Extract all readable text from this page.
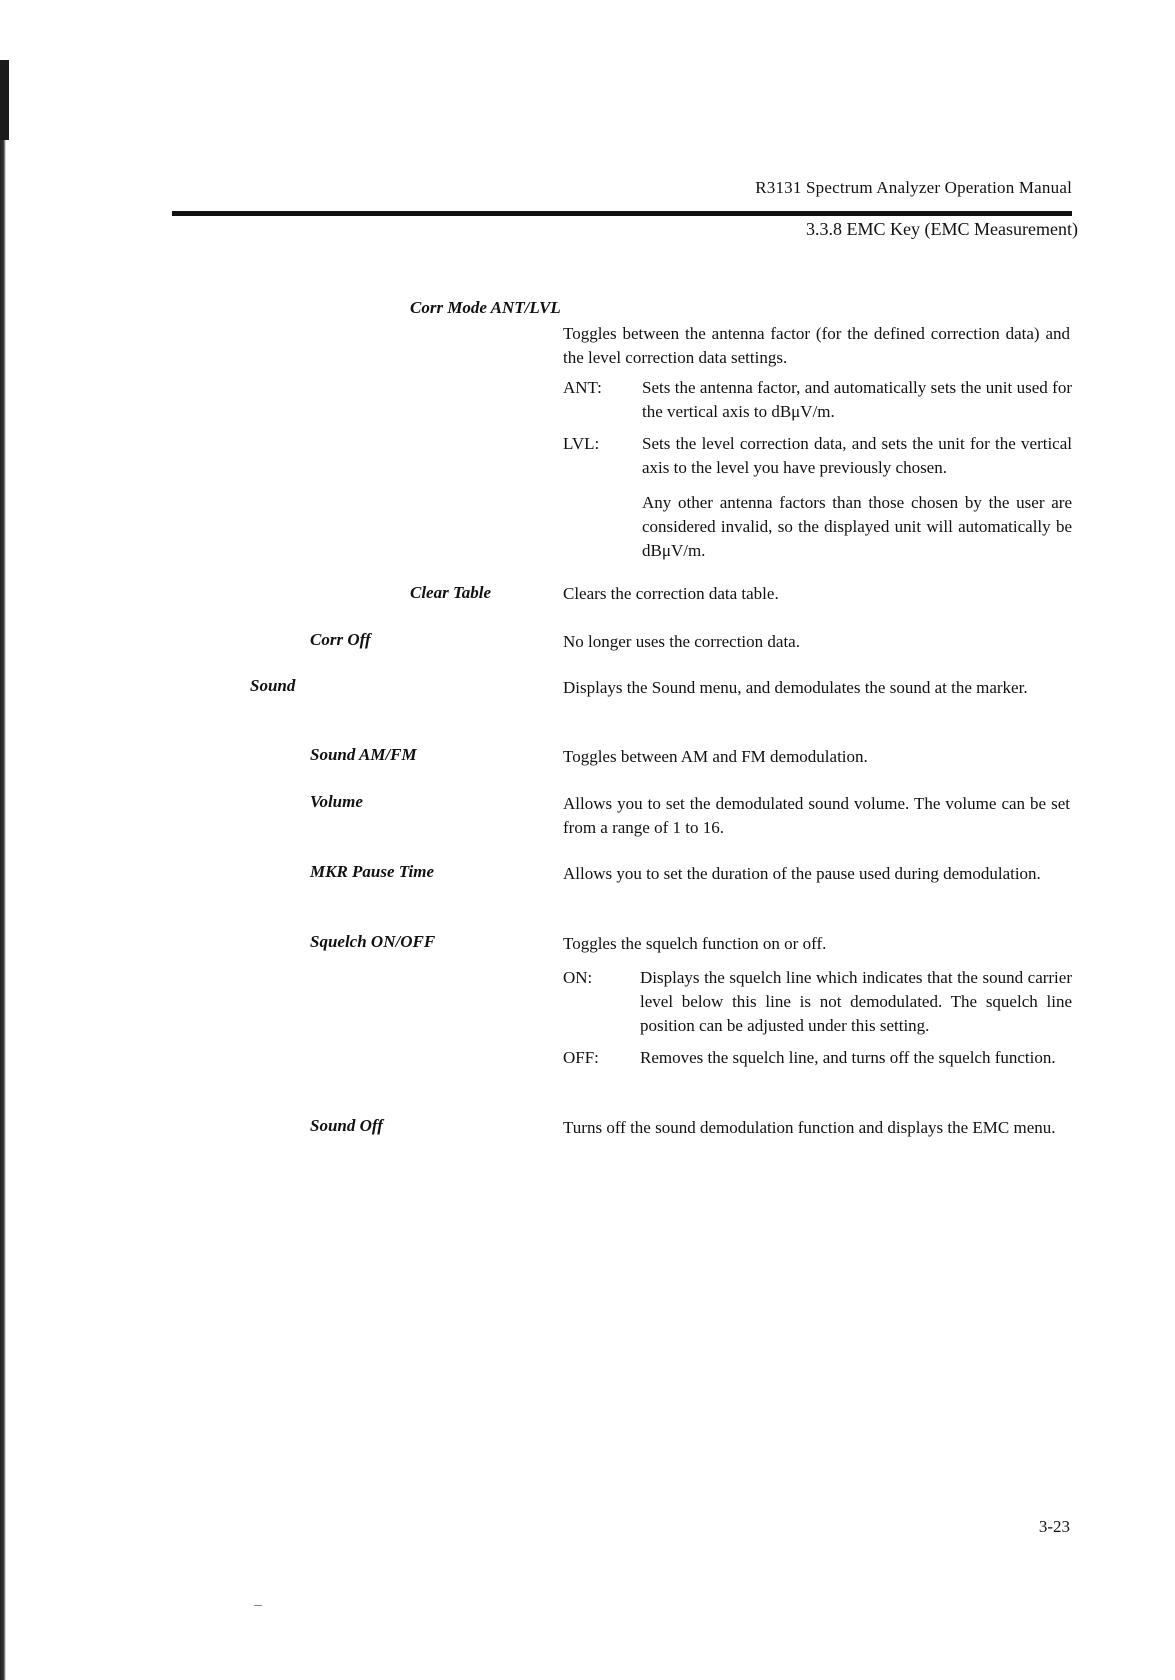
R3131 Spectrum Analyzer Operation Manual
3.3.8 EMC Key (EMC Measurement)
Corr Mode ANT/LVL
Toggles between the antenna factor (for the defined correction data) and the level correction data settings.
ANT: Sets the antenna factor, and automatically sets the unit used for the vertical axis to dBμV/m.
LVL:	Sets the level correction data, and sets the unit for the vertical axis to the level you have previously chosen.
Any other antenna factors than those chosen by the user are considered invalid, so the displayed unit will automatically be dBμV/m.
Clear Table	Clears the correction data table.
Corr Off	No longer uses the correction data.
Sound	Displays the Sound menu, and demodulates the sound at the marker.
Sound AM/FM	Toggles between AM and FM demodulation.
Volume	Allows you to set the demodulated sound volume. The volume can be set from a range of 1 to 16.
MKR Pause Time	Allows you to set the duration of the pause used during demodulation.
Squelch ON/OFF	Toggles the squelch function on or off.
ON:	Displays the squelch line which indicates that the sound carrier level below this line is not demodulated. The squelch line position can be adjusted under this setting.
OFF: Removes the squelch line, and turns off the squelch function.
Sound Off	Turns off the sound demodulation function and displays the EMC menu.
3-23
